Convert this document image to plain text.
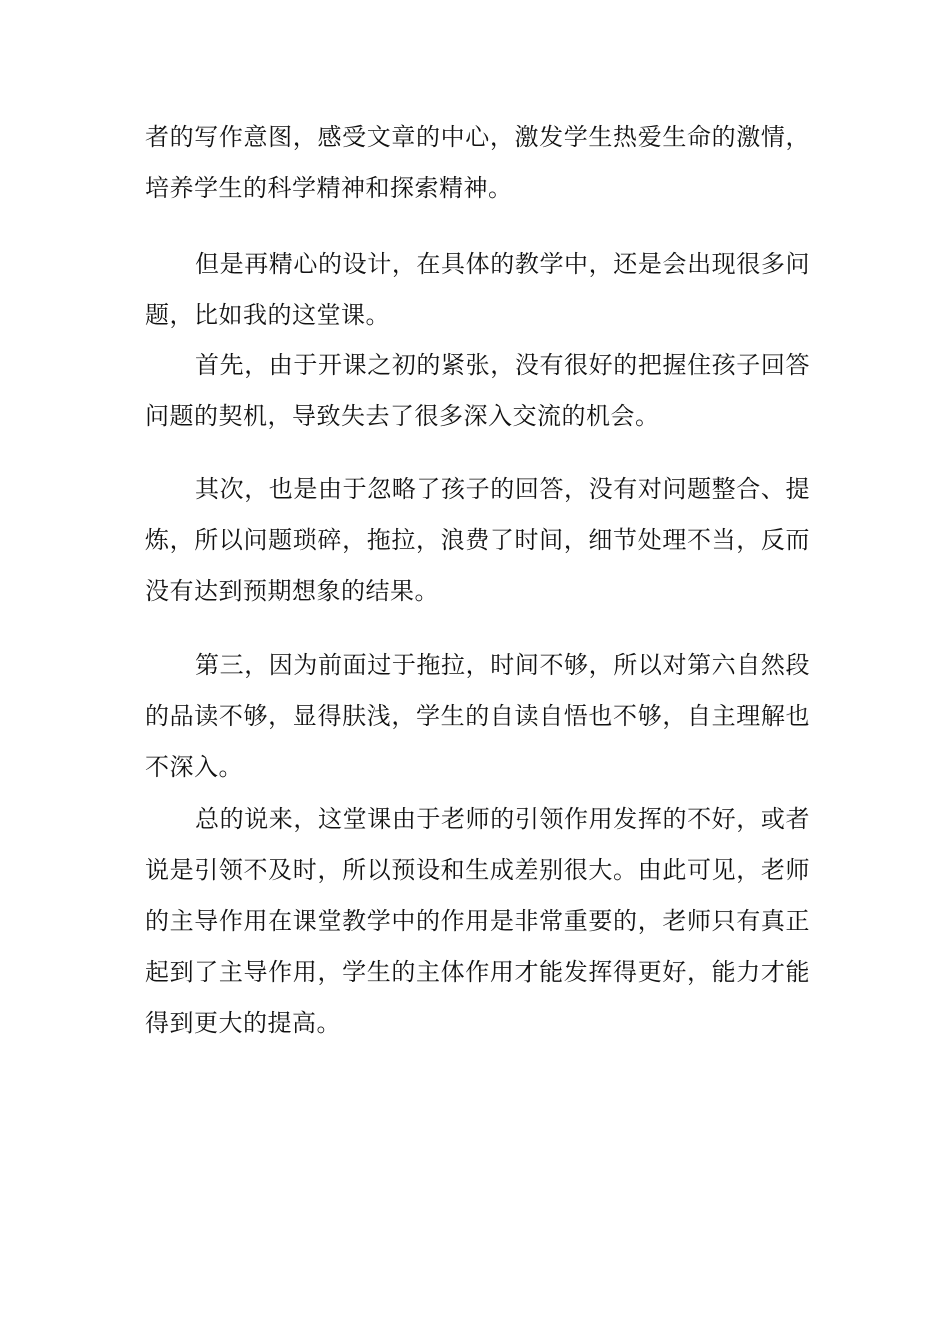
者的写作意图，感受文章的中心，激发学生热爱生命的激情，培养学生的科学精神和探索精神。
但是再精心的设计，在具体的教学中，还是会出现很多问题，比如我的这堂课。
首先，由于开课之初的紧张，没有很好的把握住孩子回答问题的契机，导致失去了很多深入交流的机会。
其次，也是由于忽略了孩子的回答，没有对问题整合、提炼，所以问题琐碎，拖拉，浪费了时间，细节处理不当，反而没有达到预期想象的结果。
第三，因为前面过于拖拉，时间不够，所以对第六自然段的品读不够，显得肤浅，学生的自读自悟也不够，自主理解也不深入。
总的说来，这堂课由于老师的引领作用发挥的不好，或者说是引领不及时，所以预设和生成差别很大。由此可见，老师的主导作用在课堂教学中的作用是非常重要的，老师只有真正起到了主导作用，学生的主体作用才能发挥得更好，能力才能得到更大的提高。
